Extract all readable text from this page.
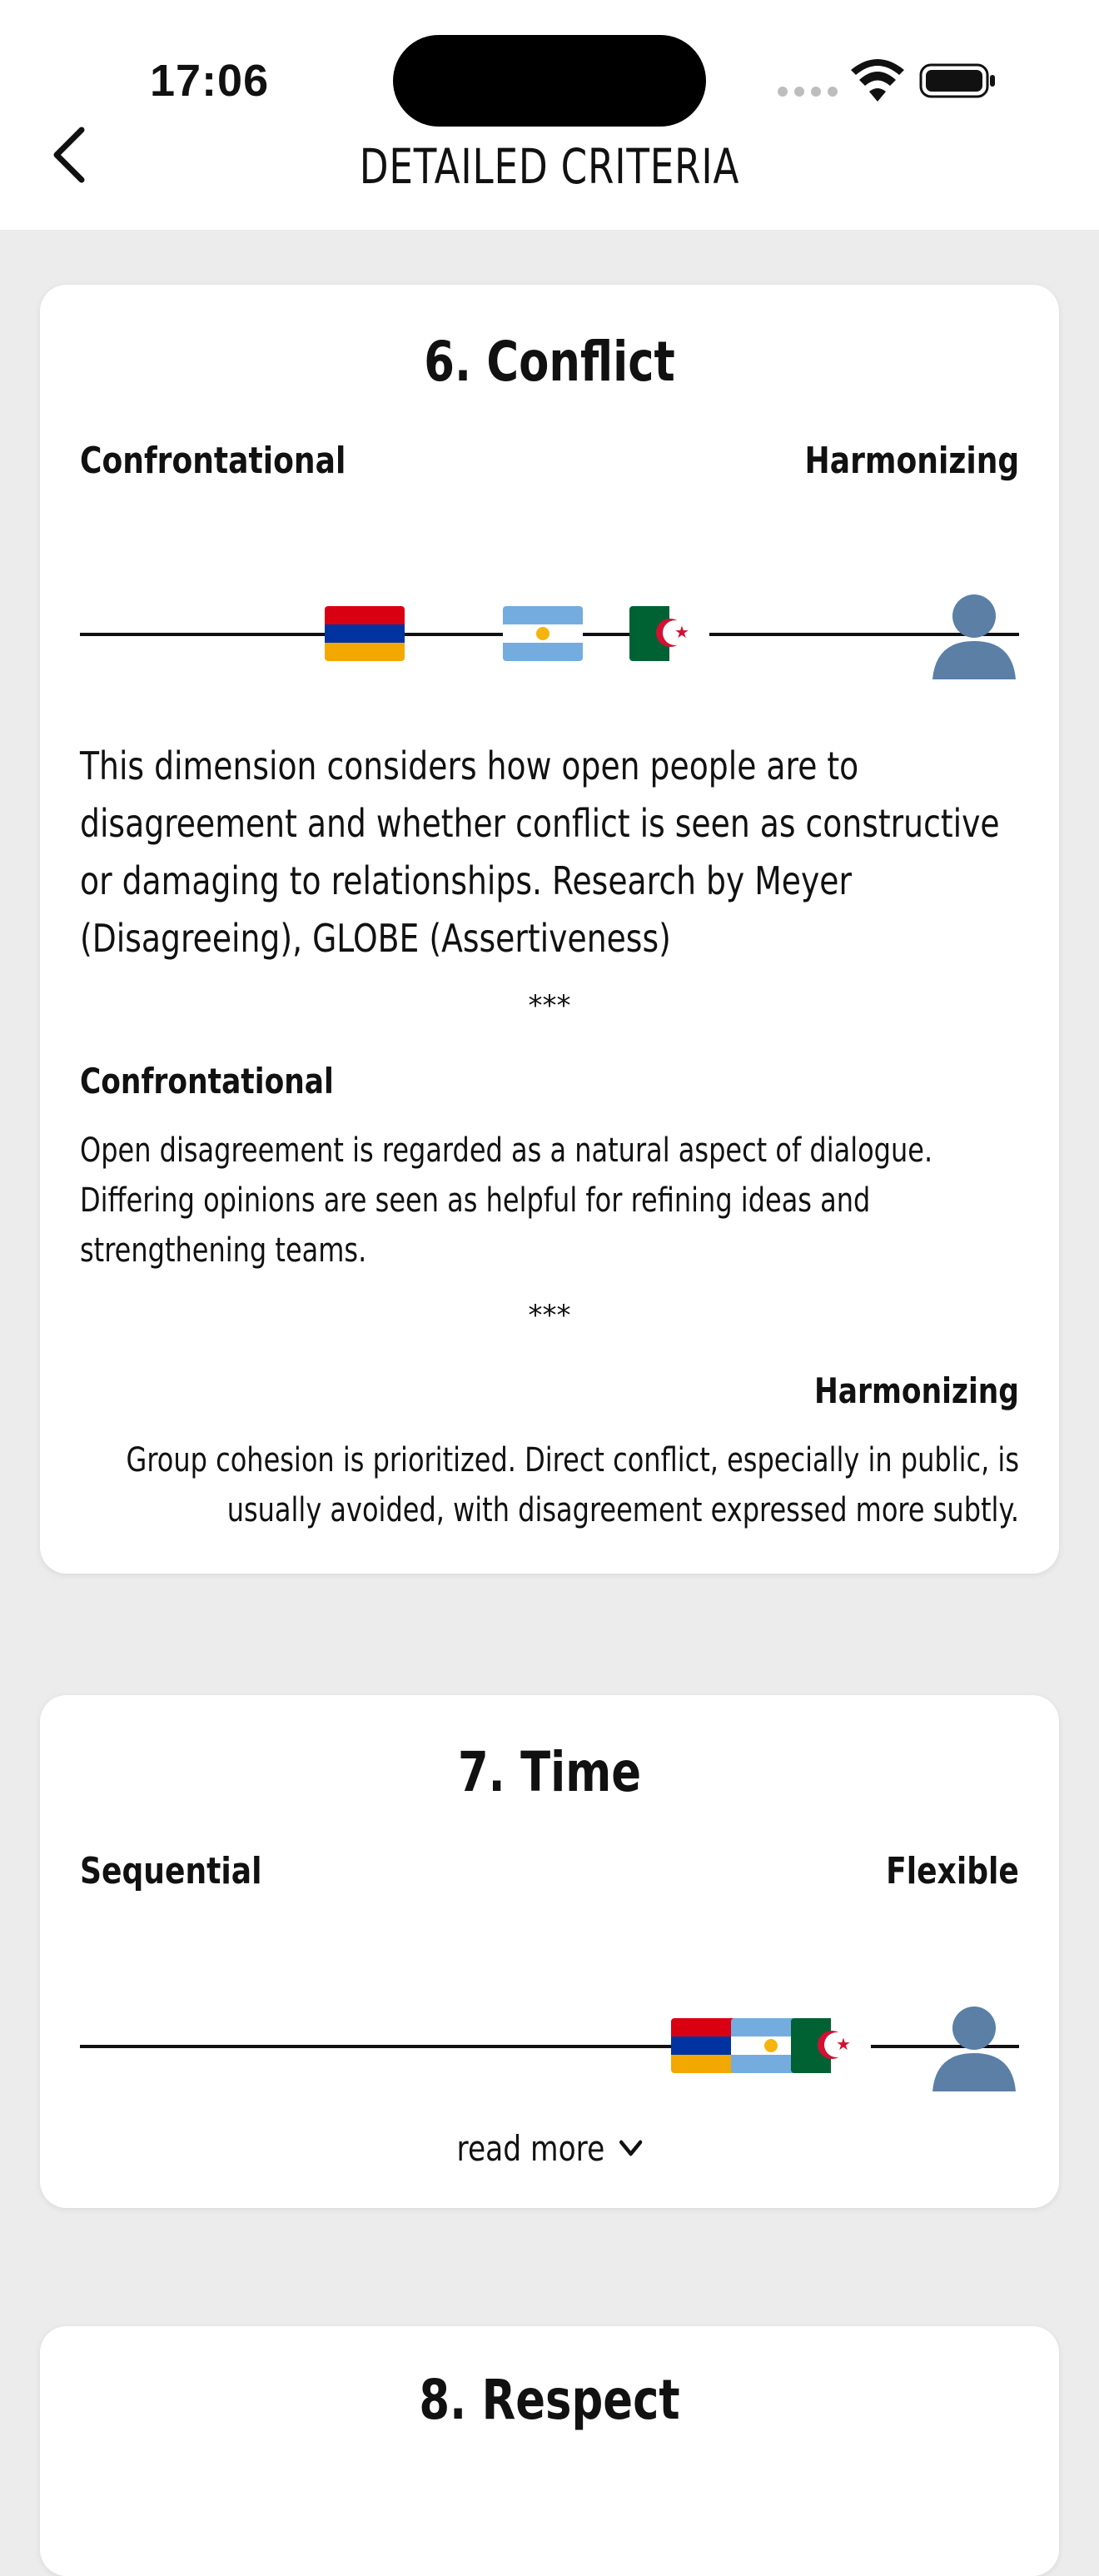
17:06
DETAILED CRITERIA
6. Conflict
Confrontational	Harmonizing
★
This dimension considers how open people are to disagreement and whether conflict is seen as constructive or damaging to relationships. Research by Meyer (Disagreeing), GLOBE (Assertiveness)
***
Confrontational
Open disagreement is regarded as a natural aspect of dialogue. Differing opinions are seen as helpful for refining ideas and strengthening teams.
***
Harmonizing
Group cohesion is prioritized. Direct conflict, especially in public, is usually avoided, with disagreement expressed more subtly.
7. Time
Sequential	Flexible
★
read more
8. Respect
